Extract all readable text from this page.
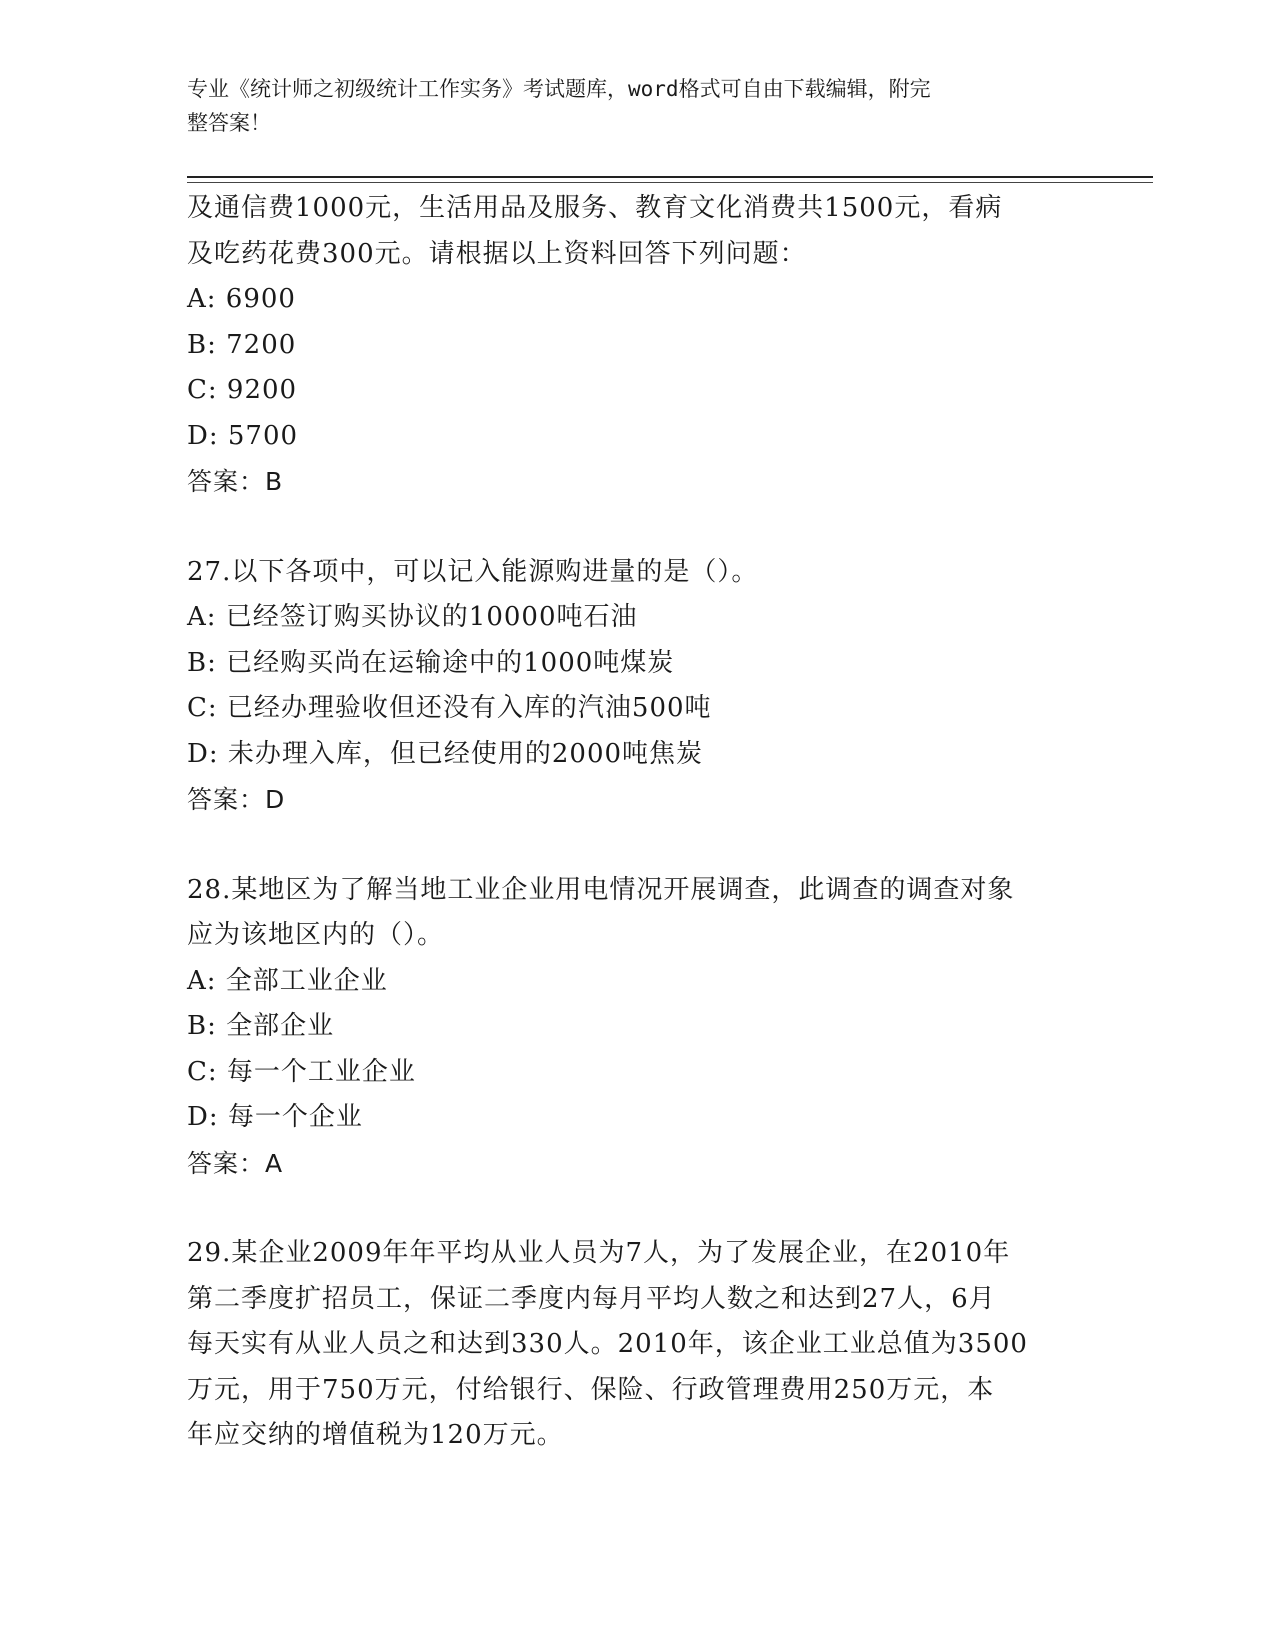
专业《统计师之初级统计工作实务》考试题库，word格式可自由下载编辑，附完
整答案！
及通信费1000元，生活用品及服务、教育文化消费共1500元，看病
及吃药花费300元。请根据以上资料回答下列问题：
A: 6900
B: 7200
C: 9200
D: 5700
答案：B
27.以下各项中，可以记入能源购进量的是（）。
A: 已经签订购买协议的10000吨石油
B: 已经购买尚在运输途中的1000吨煤炭
C: 已经办理验收但还没有入库的汽油500吨
D: 未办理入库，但已经使用的2000吨焦炭
答案：D
28.某地区为了解当地工业企业用电情况开展调查，此调查的调查对象
应为该地区内的（）。
A: 全部工业企业
B: 全部企业
C: 每一个工业企业
D: 每一个企业
答案：A
29.某企业2009年年平均从业人员为7人，为了发展企业，在2010年
第二季度扩招员工，保证二季度内每月平均人数之和达到27人，6月
每天实有从业人员之和达到330人。2010年，该企业工业总值为3500
万元，用于750万元，付给银行、保险、行政管理费用250万元，本
年应交纳的增值税为120万元。
